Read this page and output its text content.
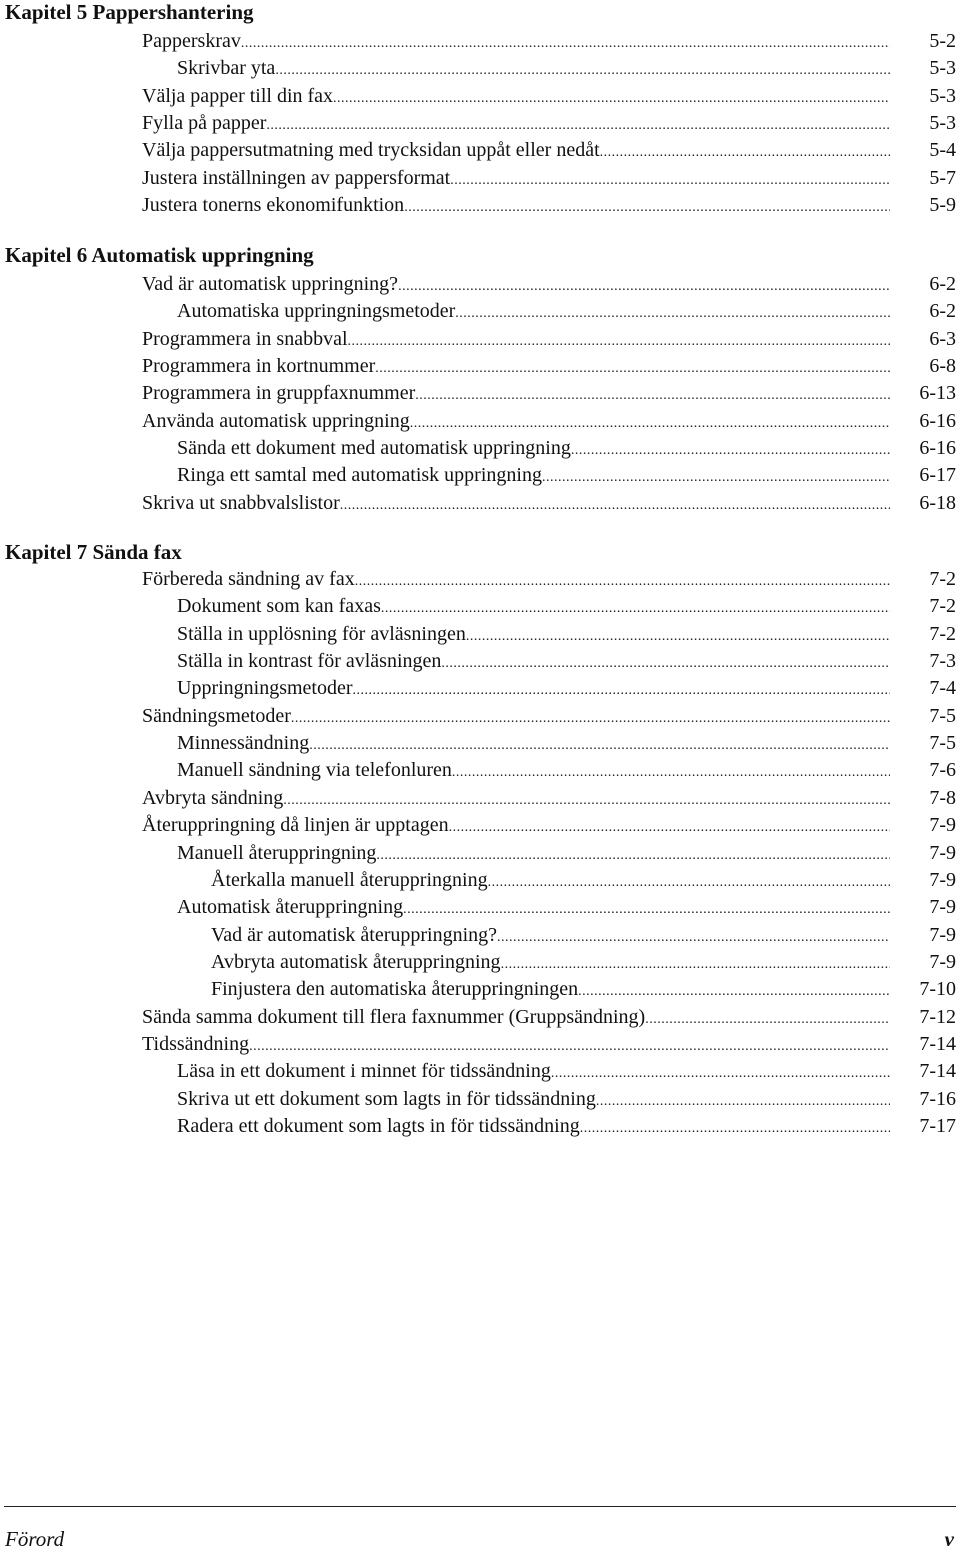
Kapitel 5 Pappershantering
Papperskrav .....	5-2
Skrivbar yta .....	5-3
Välja papper till din fax .....	5-3
Fylla på papper .....	5-3
Välja pappersutmatning med trycksidan uppåt eller nedåt .....	5-4
Justera inställningen av pappersformat .....	5-7
Justera tonerns ekonomifunktion .....	5-9
Kapitel 6 Automatisk uppringning
Vad är automatisk uppringning? .....	6-2
Automatiska uppringningsmetoder .....	6-2
Programmera in snabbval .....	6-3
Programmera in kortnummer .....	6-8
Programmera in gruppfaxnummer .....	6-13
Använda automatisk uppringning .....	6-16
Sända ett dokument med automatisk uppringning .....	6-16
Ringa ett samtal med automatisk uppringning .....	6-17
Skriva ut snabbvalslistor .....	6-18
Kapitel 7 Sända fax
Förbereda sändning av fax .....	7-2
Dokument som kan faxas .....	7-2
Ställa in upplösning för avläsningen .....	7-2
Ställa in kontrast för avläsningen .....	7-3
Uppringningsmetoder .....	7-4
Sändningsmetoder .....	7-5
Minnessändning .....	7-5
Manuell sändning via telefonluren .....	7-6
Avbryta sändning .....	7-8
Återuppringning då linjen är upptagen .....	7-9
Manuell återuppringning .....	7-9
Återkalla manuell återuppringning .....	7-9
Automatisk återuppringning .....	7-9
Vad är automatisk återuppringning? .....	7-9
Avbryta automatisk återuppringning .....	7-9
Finjustera den automatiska återuppringningen .....	7-10
Sända samma dokument till flera faxnummer (Gruppsändning) .....	7-12
Tidssändning .....	7-14
Läsa in ett dokument i minnet för tidssändning .....	7-14
Skriva ut ett dokument som lagts in för tidssändning .....	7-16
Radera ett dokument som lagts in för tidssändning .....	7-17
Förord	v
